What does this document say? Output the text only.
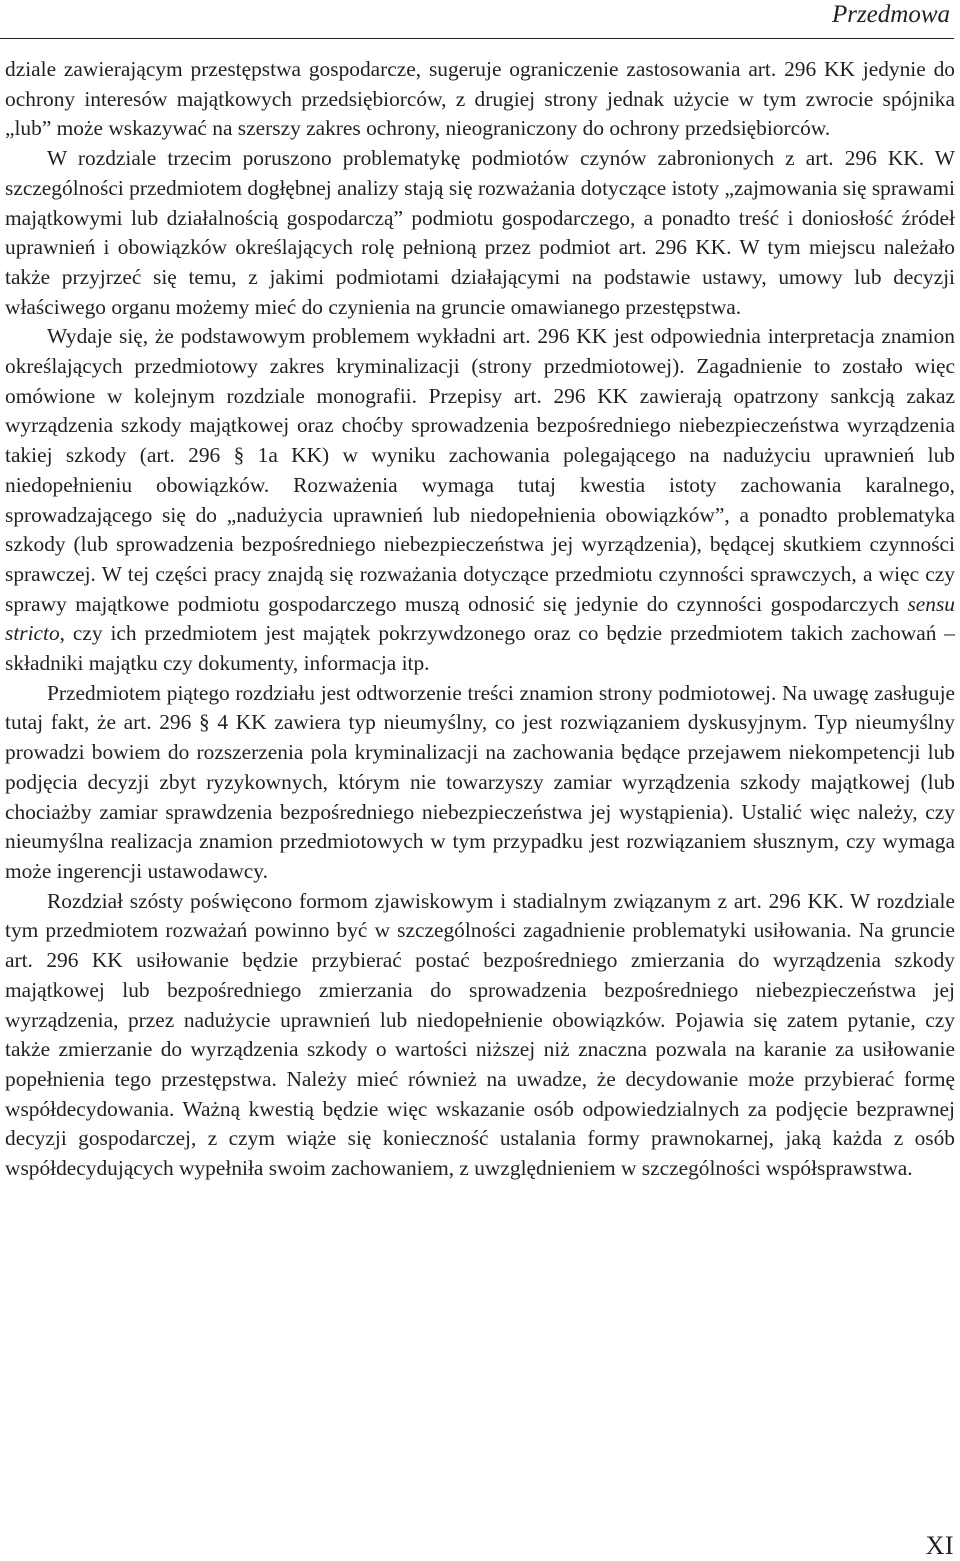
Przedmowa

dziale zawierającym przestępstwa gospodarcze, sugeruje ograniczenie zastosowania art. 296 KK jedynie do ochrony interesów majątkowych przedsiębiorców, z drugiej strony jednak użycie w tym zwrocie spójnika „lub” może wskazywać na szerszy zakres ochrony, nieograniczony do ochrony przedsiębiorców.

W rozdziale trzecim poruszono problematykę podmiotów czynów zabronionych z art. 296 KK. W szczególności przedmiotem dogłębnej analizy stają się rozważania dotyczące istoty „zajmowania się sprawami majątkowymi lub działalnością gospodarczą” podmiotu gospodarczego, a ponadto treść i doniosłość źródeł uprawnień i obowiązków określających rolę pełnioną przez podmiot art. 296 KK. W tym miejscu należało także przyjrzeć się temu, z jakimi podmiotami działającymi na podstawie ustawy, umowy lub decyzji właściwego organu możemy mieć do czynienia na gruncie omawianego przestępstwa.

Wydaje się, że podstawowym problemem wykładni art. 296 KK jest odpowiednia interpretacja znamion określających przedmiotowy zakres kryminalizacji (strony przedmiotowej). Zagadnienie to zostało więc omówione w kolejnym rozdziale monografii. Przepisy art. 296 KK zawierają opatrzony sankcją zakaz wyrządzenia szkody majątkowej oraz choćby sprowadzenia bezpośredniego niebezpieczeństwa wyrządzenia takiej szkody (art. 296 § 1a KK) w wyniku zachowania polegającego na nadużyciu uprawnień lub niedopełnieniu obowiązków. Rozważenia wymaga tutaj kwestia istoty zachowania karalnego, sprowadzającego się do „nadużycia uprawnień lub niedopełnienia obowiązków”, a ponadto problematyka szkody (lub sprowadzenia bezpośredniego niebezpieczeństwa jej wyrządzenia), będącej skutkiem czynności sprawczej. W tej części pracy znajdą się rozważania dotyczące przedmiotu czynności sprawczych, a więc czy sprawy majątkowe podmiotu gospodarczego muszą odnosić się jedynie do czynności gospodarczych sensu stricto, czy ich przedmiotem jest majątek pokrzywdzonego oraz co będzie przedmiotem takich zachowań – składniki majątku czy dokumenty, informacja itp.

Przedmiotem piątego rozdziału jest odtworzenie treści znamion strony podmiotowej. Na uwagę zasługuje tutaj fakt, że art. 296 § 4 KK zawiera typ nieumyślny, co jest rozwiązaniem dyskusyjnym. Typ nieumyślny prowadzi bowiem do rozszerzenia pola kryminalizacji na zachowania będące przejawem niekompetencji lub podjęcia decyzji zbyt ryzykownych, którym nie towarzyszy zamiar wyrządzenia szkody majątkowej (lub chociażby zamiar sprawdzenia bezpośredniego niebezpieczeństwa jej wystąpienia). Ustalić więc należy, czy nieumyślna realizacja znamion przedmiotowych w tym przypadku jest rozwiązaniem słusznym, czy wymaga może ingerencji ustawodawcy.

Rozdział szósty poświęcono formom zjawiskowym i stadialnym związanym z art. 296 KK. W rozdziale tym przedmiotem rozważań powinno być w szczególności zagadnienie problematyki usiłowania. Na gruncie art. 296 KK usiłowanie będzie przybierać postać bezpośredniego zmierzania do wyrządzenia szkody majątkowej lub bezpośredniego zmierzania do sprowadzenia bezpośredniego niebezpieczeństwa jej wyrządzenia, przez nadużycie uprawnień lub niedopełnienie obowiązków. Pojawia się zatem pytanie, czy także zmierzanie do wyrządzenia szkody o wartości niższej niż znaczna pozwala na karanie za usiłowanie popełnienia tego przestępstwa. Należy mieć również na uwadze, że decydowanie może przybierać formę współdecydowania. Ważną kwestią będzie więc wskazanie osób odpowiedzialnych za podjęcie bezprawnej decyzji gospodarczej, z czym wiąże się konieczność ustalania formy prawnokarnej, jaką każda z osób współdecydujących wypełniła swoim zachowaniem, z uwzględnieniem w szczególności współsprawstwa.

XI
